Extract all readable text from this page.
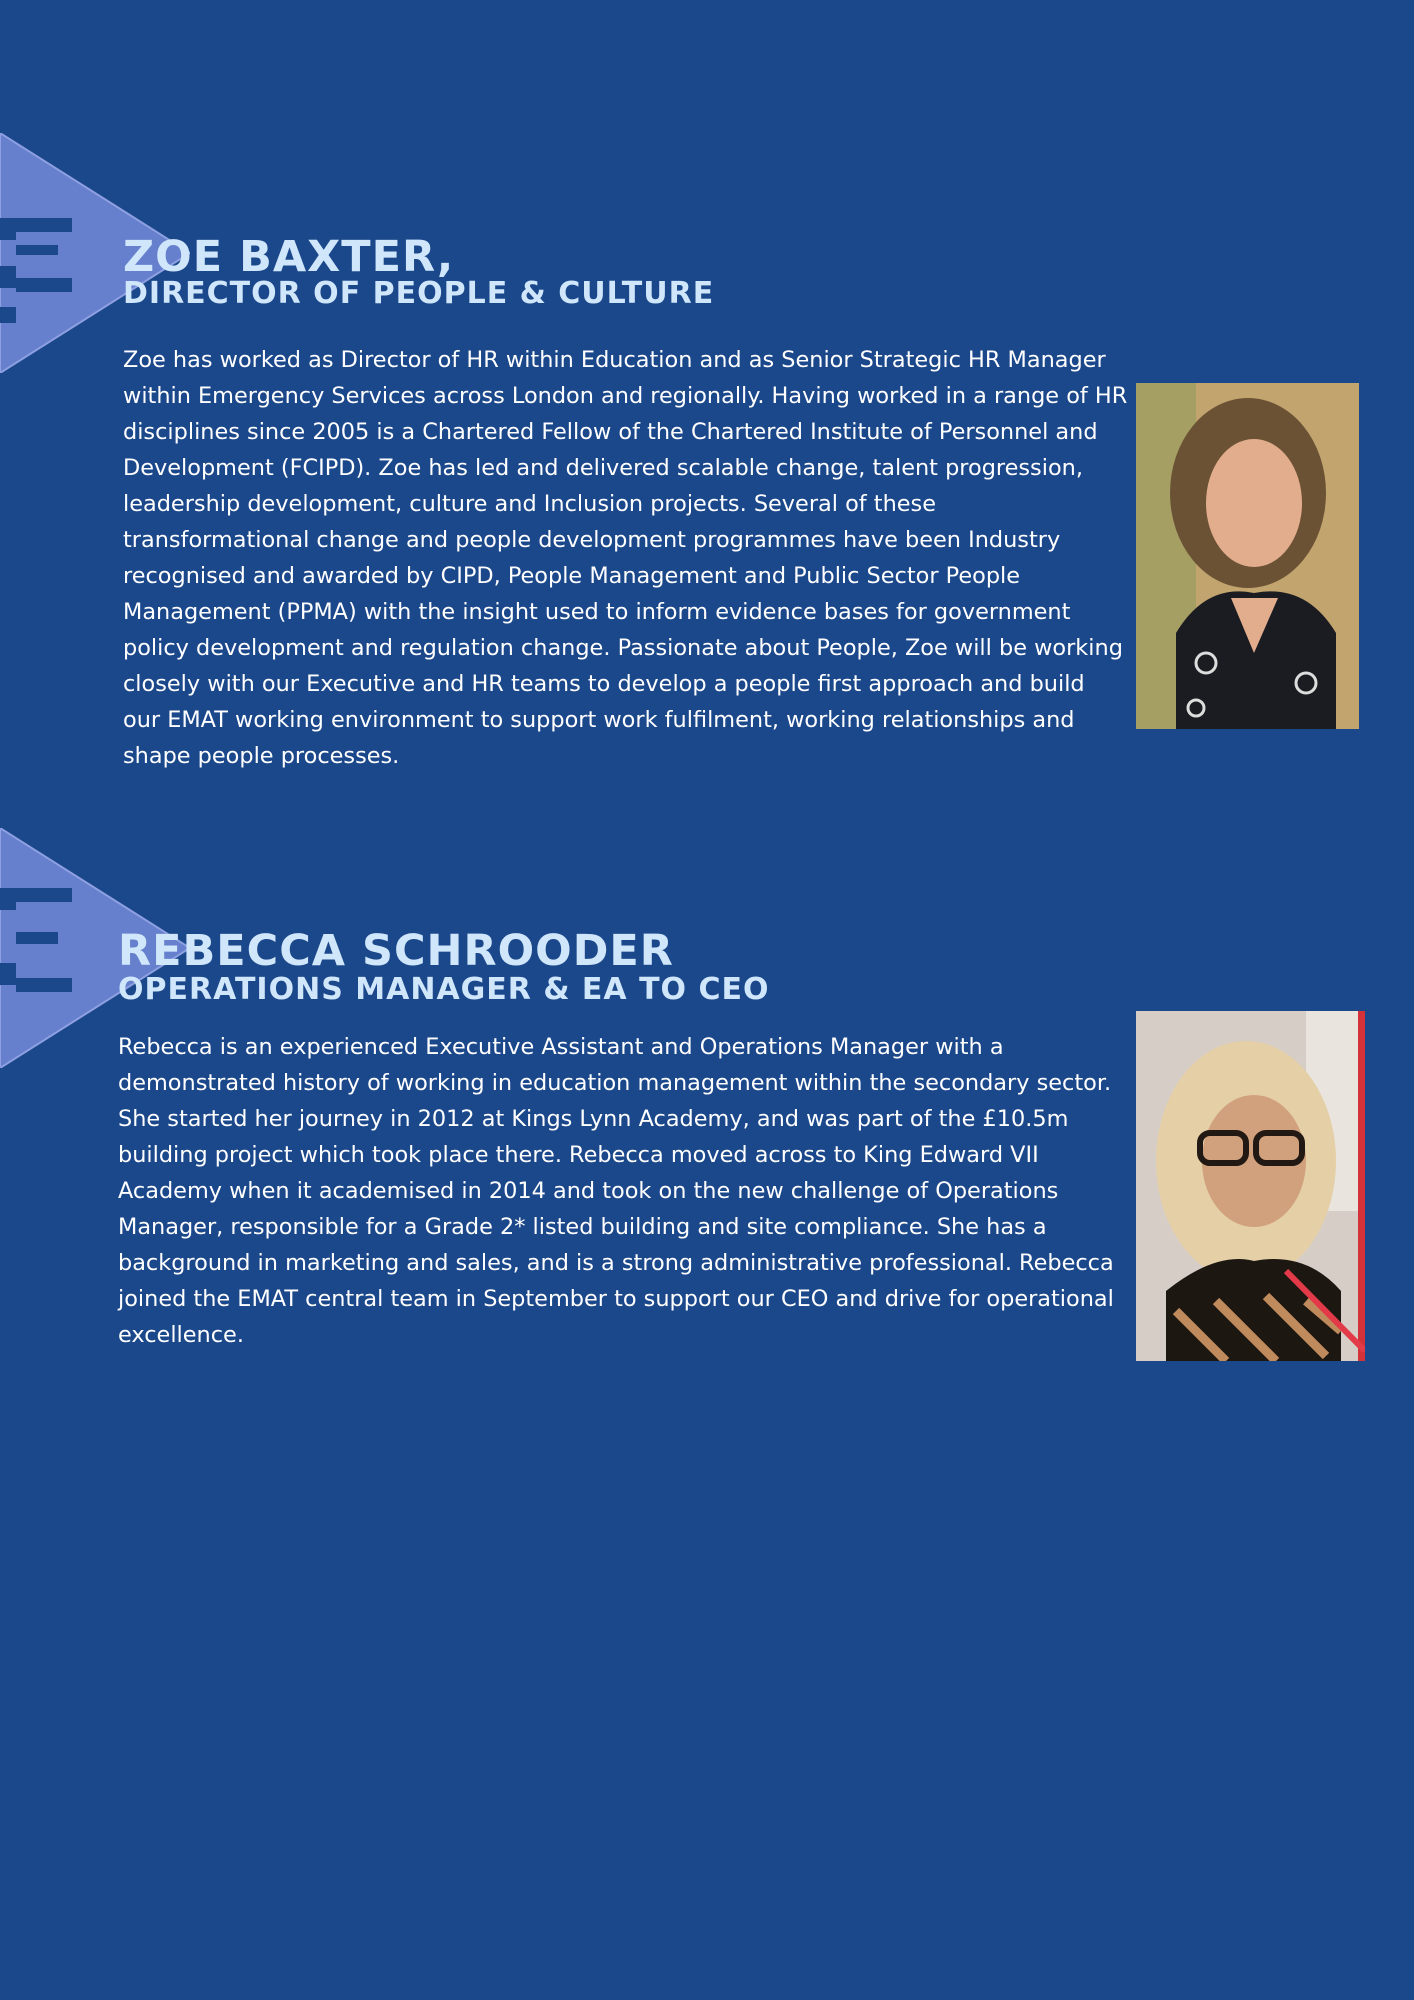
ZOE BAXTER,
DIRECTOR OF PEOPLE & CULTURE

Zoe has worked as Director of HR within Education and as Senior Strategic HR Manager within Emergency Services across London and regionally. Having worked in a range of HR disciplines since 2005 is a Chartered Fellow of the Chartered Institute of Personnel and Development (FCIPD). Zoe has led and delivered scalable change, talent progression, leadership development, culture and Inclusion projects. Several of these transformational change and people development programmes have been Industry recognised and awarded by CIPD, People Management and Public Sector People Management (PPMA) with the insight used to inform evidence bases for government policy development and regulation change. Passionate about People, Zoe will be working closely with our Executive and HR teams to develop a people first approach and build our EMAT working environment to support work fulfilment, working relationships and shape people processes.

REBECCA SCHROODER
OPERATIONS MANAGER & EA TO CEO

Rebecca is an experienced Executive Assistant and Operations Manager with a demonstrated history of working in education management within the secondary sector. She started her journey in 2012 at Kings Lynn Academy, and was part of the £10.5m building project which took place there. Rebecca moved across to King Edward VII Academy when it academised in 2014 and took on the new challenge of Operations Manager, responsible for a Grade 2* listed building and site compliance. She has a background in marketing and sales, and is a strong administrative professional. Rebecca joined the EMAT central team in September to support our CEO and drive for operational excellence.
